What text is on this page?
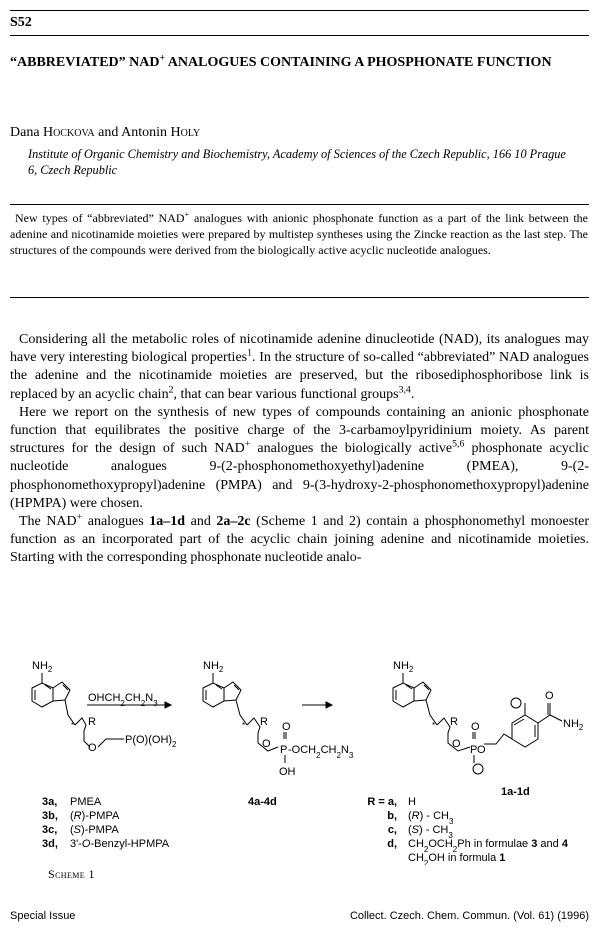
S52
“ABBREVIATED” NAD+ ANALOGUES CONTAINING A PHOSPHONATE FUNCTION
Dana Hockova and Antonin Holy
Institute of Organic Chemistry and Biochemistry, Academy of Sciences of the Czech Republic, 166 10 Prague 6, Czech Republic
New types of “abbreviated” NAD+ analogues with anionic phosphonate function as a part of the link between the adenine and nicotinamide moieties were prepared by multistep syntheses using the Zincke reaction as the last step. The structures of the compounds were derived from the biologically active acyclic nucleotide analogues.

Considering all the metabolic roles of nicotinamide adenine dinucleotide (NAD), its analogues may have very interesting biological properties$^1$. In the structure of so-called “abbreviated” NAD analogues the adenine and the nicotinamide moieties are preserved, but the ribosediphosphoribose link is replaced by an acyclic chain$^2$, that can bear various functional groups$^{3,4}$.

Here we report on the synthesis of new types of compounds containing an anionic phosphonate function that equilibrates the positive charge of the 3-carbamoylpyridinium moiety. As parent structures for the design of such NAD+ analogues the biologically active$^{5,6}$ phosphonate acyclic nucleotide analogues 9-(2-phosphonomethoxyethyl)adenine (PMEA), 9-(2-phosphonomethoxypropyl)adenine (PMPA) and 9-(3-hydroxy-2-phosphonomethoxypropyl)adenine (HPMPA) were chosen.

The NAD+ analogues 1a–1d and 2a–2c (Scheme 1 and 2) contain a phosphonomethyl monoester function as an incorporated part of the acyclic chain joining adenine and nicotinamide moieties. Starting with the corresponding phosphonate nucleotide analo-

$NH_2$
$OHCH_2CH_2N_3$
* R
O
$P(O)(OH)_2$
$NH_2$
* R O
O P $-OCH_2CH_2N_3$
OH
$NH_2$
* R O
O P O
O
$NH_2$
4a-4d
1a-1d
3a, PMEA
3b, (R)-PMPA
3c, (S)-PMPA
3d, 3'-O-Benzyl-HPMPA
R = a, H
b, $(R) - CH_3$
c, $(S) - CH_3$
d, $CH_2OCH_2Ph$ in formulae 3 and 4
$CH_2OH$ in formula 1
Scheme 1
Special Issue	Collect. Czech. Chem. Commun. (Vol. 61) (1996)
